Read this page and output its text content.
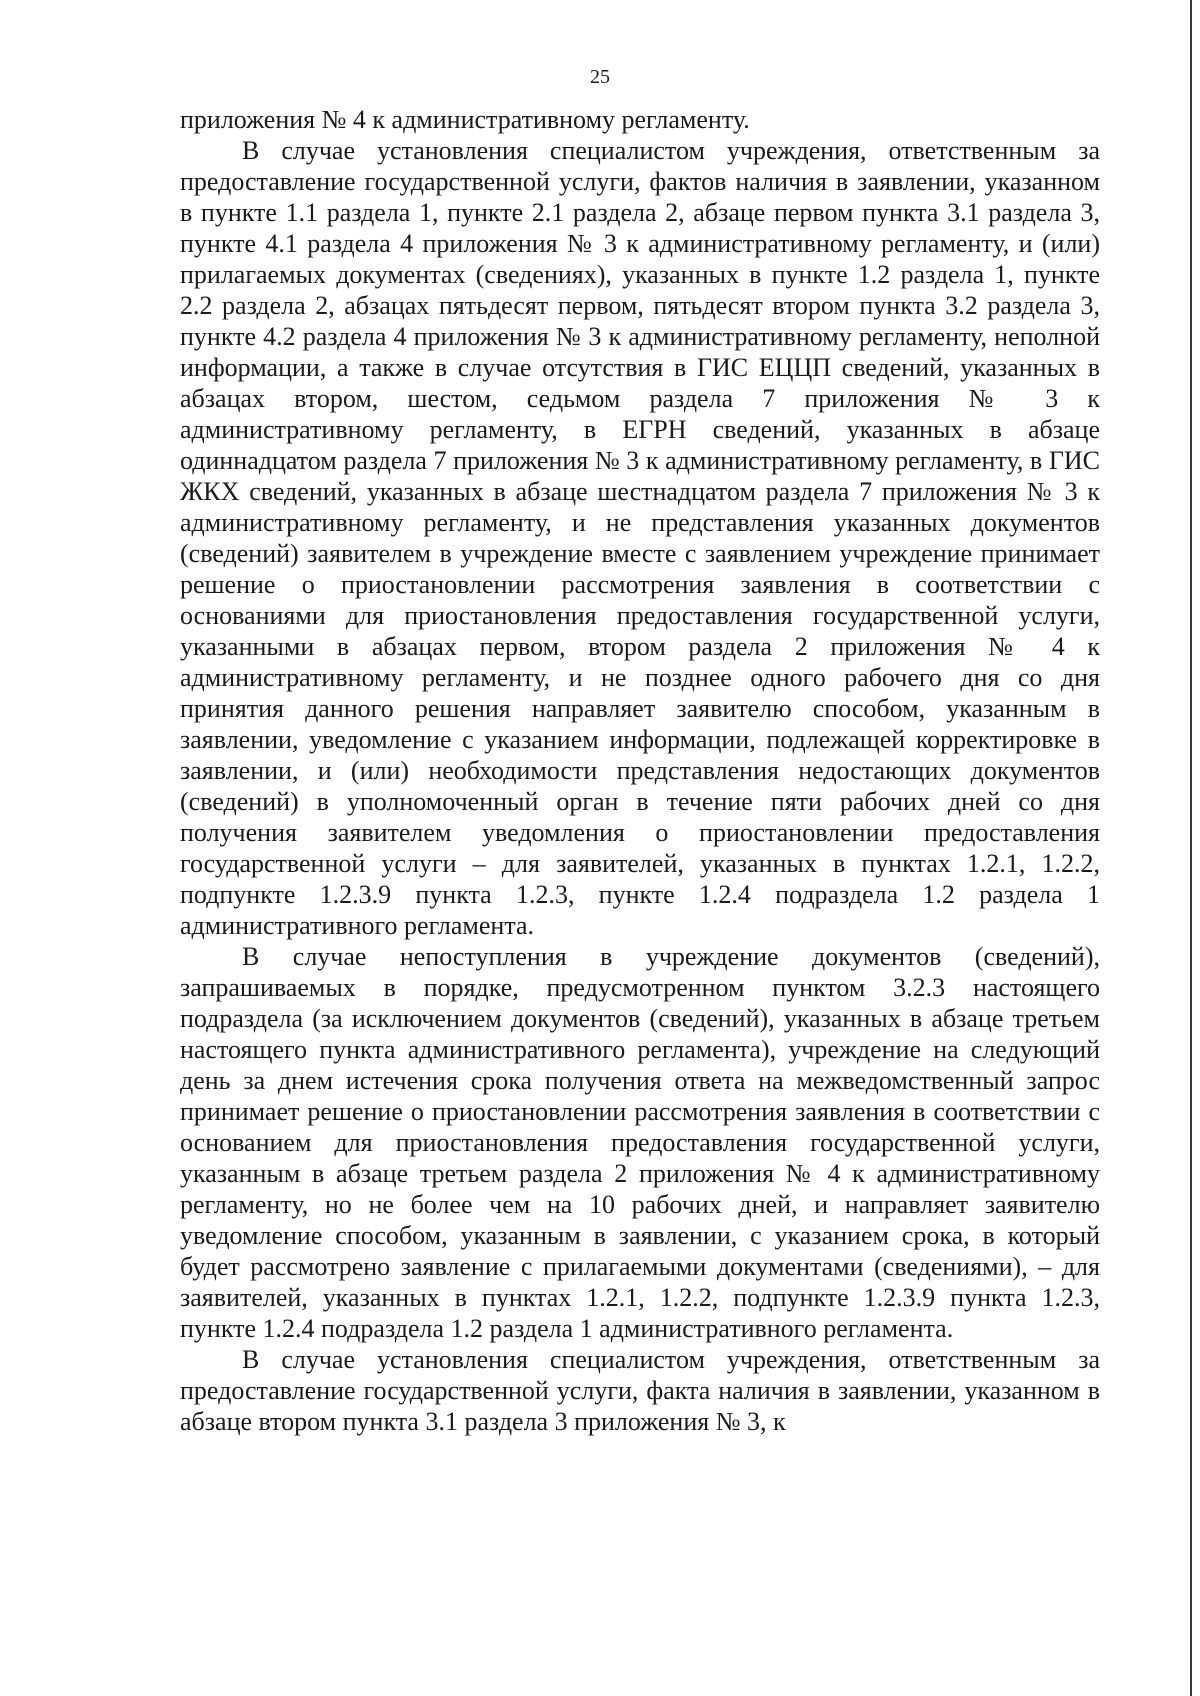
25

приложения № 4 к административному регламенту.

В случае установления специалистом учреждения, ответственным за предоставление государственной услуги, фактов наличия в заявлении, указанном в пункте 1.1 раздела 1, пункте 2.1 раздела 2, абзаце первом пункта 3.1 раздела 3, пункте 4.1 раздела 4 приложения № 3 к административному регламенту, и (или) прилагаемых документах (сведениях), указанных в пункте 1.2 раздела 1, пункте 2.2 раздела 2, абзацах пятьдесят первом, пятьдесят втором пункта 3.2 раздела 3, пункте 4.2 раздела 4 приложения № 3 к административному регламенту, неполной информации, а также в случае отсутствия в ГИС ЕЦЦП сведений, указанных в абзацах втором, шестом, седьмом раздела 7 приложения № 3 к административному регламенту, в ЕГРН сведений, указанных в абзаце одиннадцатом раздела 7 приложения № 3 к административному регламенту, в ГИС ЖКХ сведений, указанных в абзаце шестнадцатом раздела 7 приложения № 3 к административному регламенту, и не представления указанных документов (сведений) заявителем в учреждение вместе с заявлением учреждение принимает решение о приостановлении рассмотрения заявления в соответствии с основаниями для приостановления предоставления государственной услуги, указанными в абзацах первом, втором раздела 2 приложения № 4 к административному регламенту, и не позднее одного рабочего дня со дня принятия данного решения направляет заявителю способом, указанным в заявлении, уведомление с указанием информации, подлежащей корректировке в заявлении, и (или) необходимости представления недостающих документов (сведений) в уполномоченный орган в течение пяти рабочих дней со дня получения заявителем уведомления о приостановлении предоставления государственной услуги – для заявителей, указанных в пунктах 1.2.1, 1.2.2, подпункте 1.2.3.9 пункта 1.2.3, пункте 1.2.4 подраздела 1.2 раздела 1 административного регламента.

В случае непоступления в учреждение документов (сведений), запрашиваемых в порядке, предусмотренном пунктом 3.2.3 настоящего подраздела (за исключением документов (сведений), указанных в абзаце третьем настоящего пункта административного регламента), учреждение на следующий день за днем истечения срока получения ответа на межведомственный запрос принимает решение о приостановлении рассмотрения заявления в соответствии с основанием для приостановления предоставления государственной услуги, указанным в абзаце третьем раздела 2 приложения № 4 к административному регламенту, но не более чем на 10 рабочих дней, и направляет заявителю уведомление способом, указанным в заявлении, с указанием срока, в который будет рассмотрено заявление с прилагаемыми документами (сведениями), – для заявителей, указанных в пунктах 1.2.1, 1.2.2, подпункте 1.2.3.9 пункта 1.2.3, пункте 1.2.4 подраздела 1.2 раздела 1 административного регламента.

В случае установления специалистом учреждения, ответственным за предоставление государственной услуги, факта наличия в заявлении, указанном в абзаце втором пункта 3.1 раздела 3 приложения № 3, к
